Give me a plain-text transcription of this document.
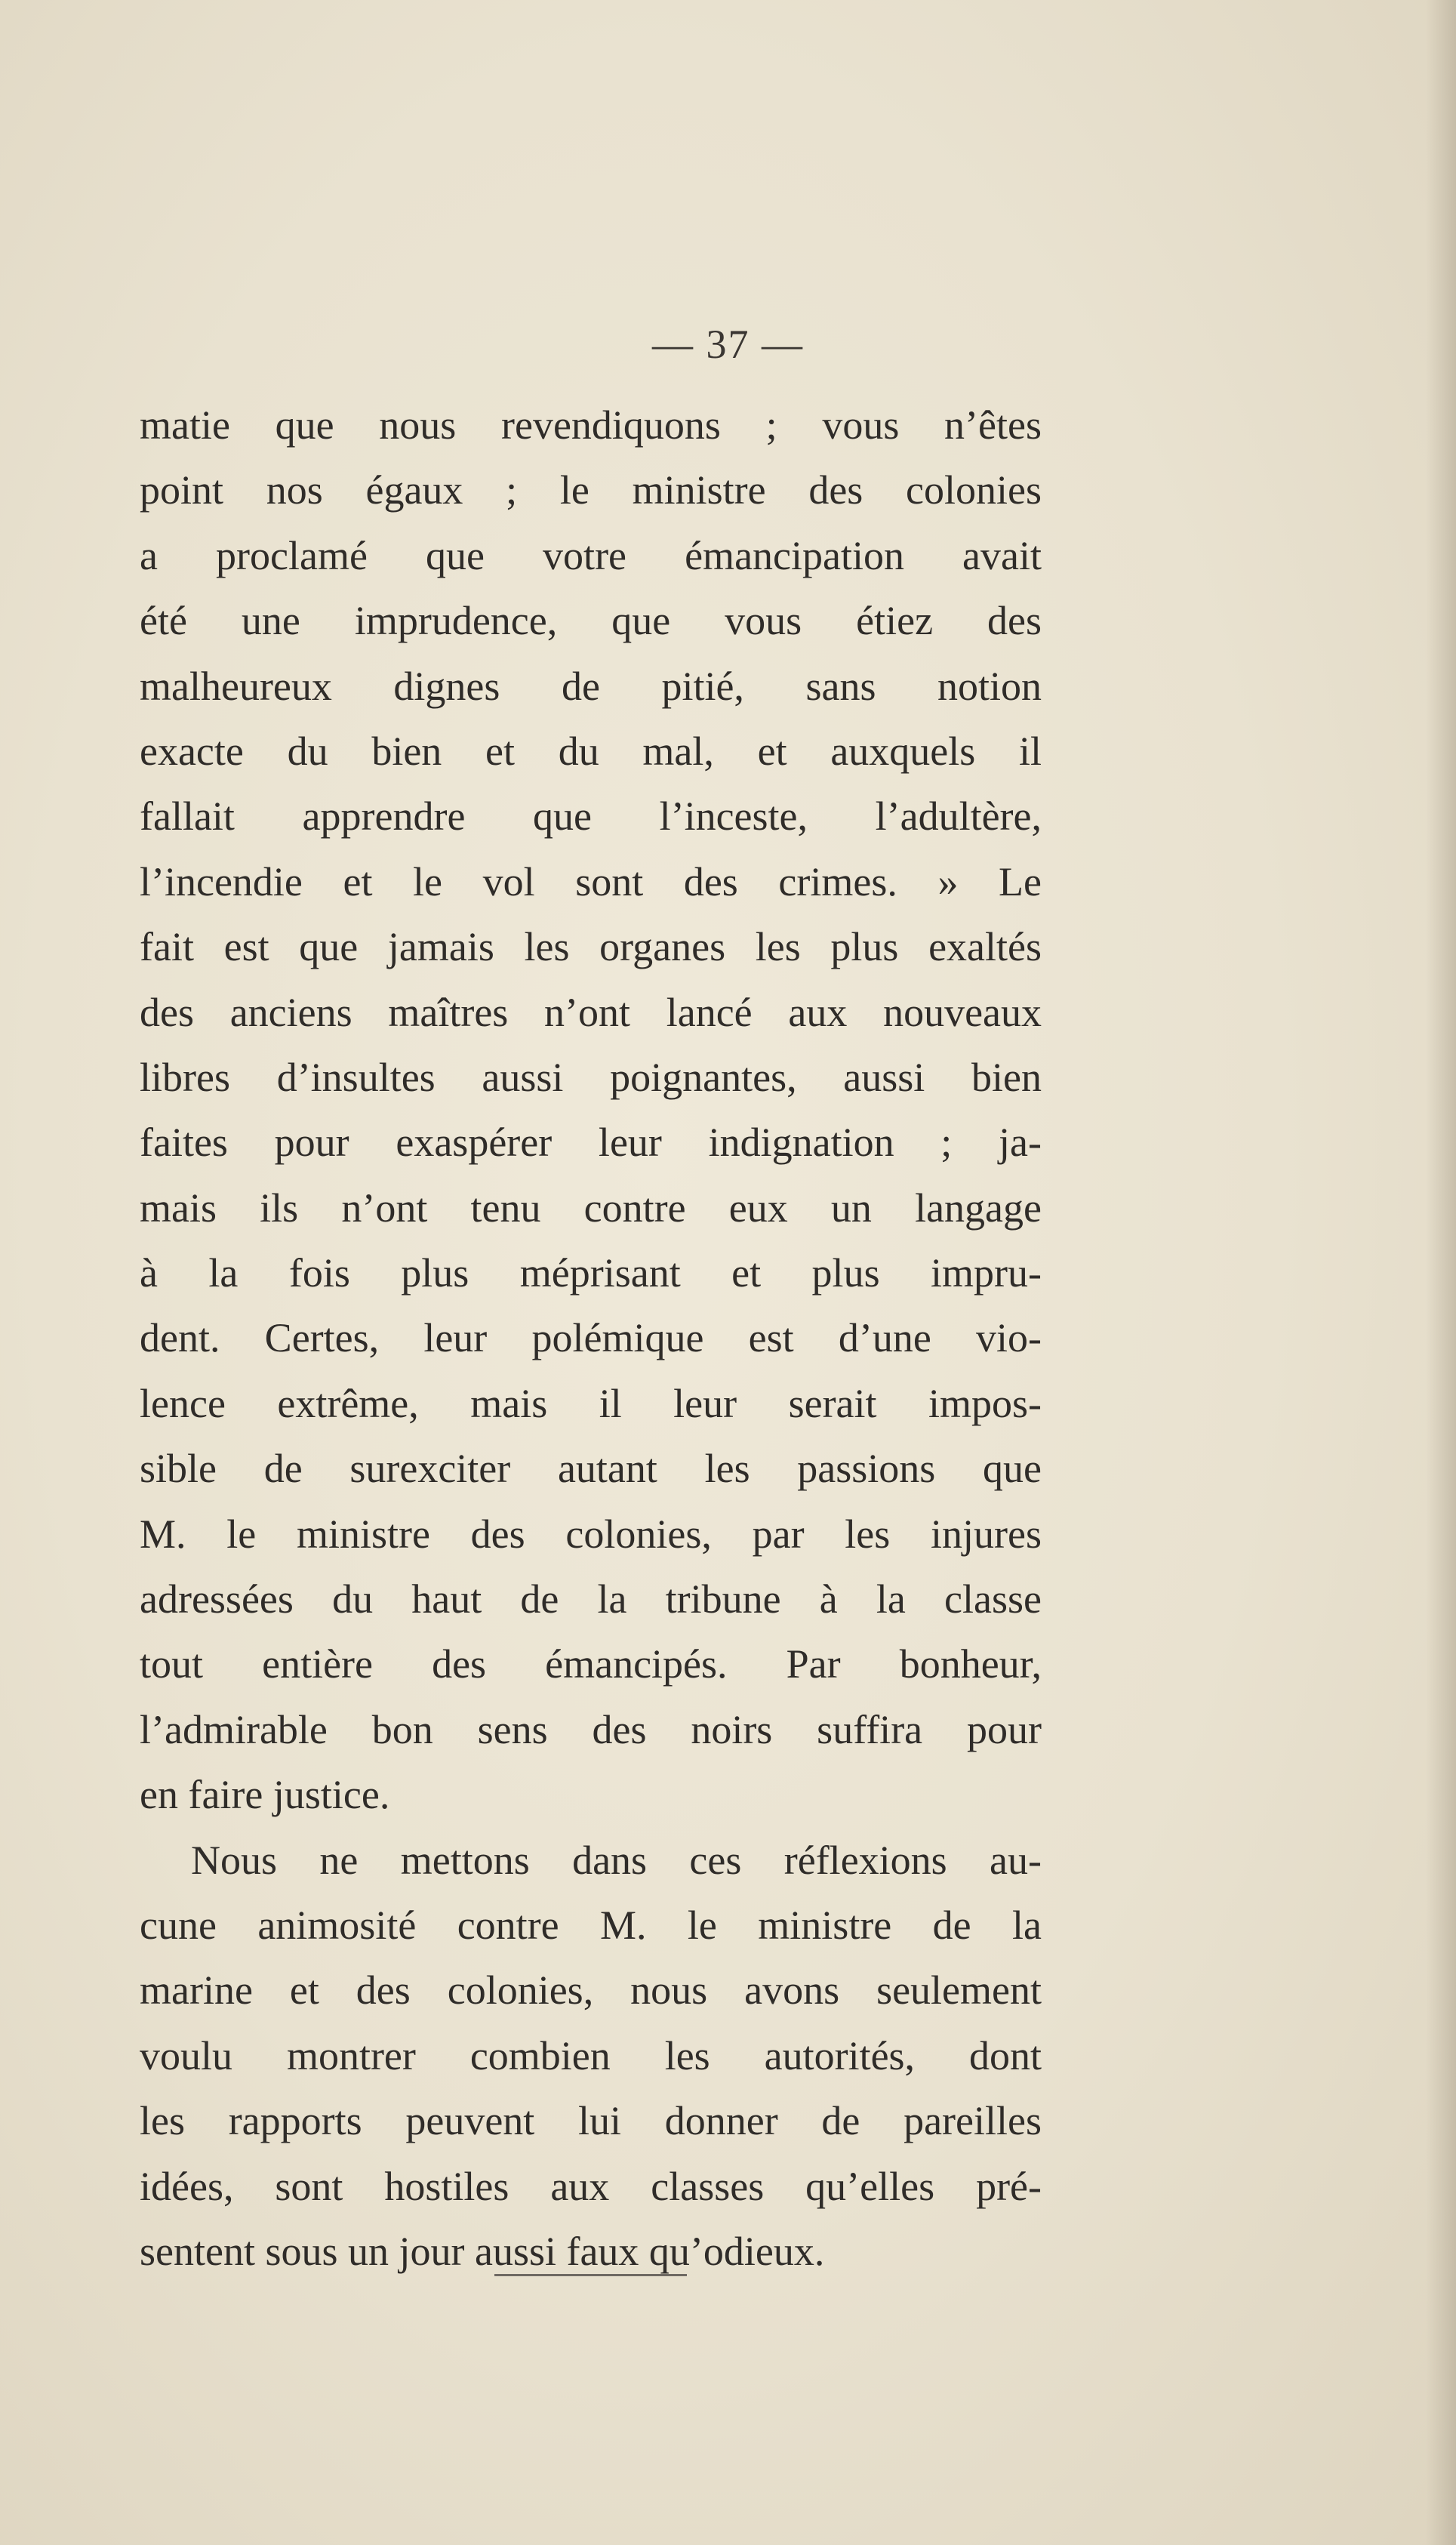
— 37 —
matie que nous revendiquons ; vous n’êtes
point nos égaux ; le ministre des colonies
a proclamé que votre émancipation avait
été une imprudence, que vous étiez des
malheureux dignes de pitié, sans notion
exacte du bien et du mal, et auxquels il
fallait apprendre que l’inceste, l’adultère,
l’incendie et le vol sont des crimes. » Le
fait est que jamais les organes les plus exaltés
des anciens maîtres n’ont lancé aux nouveaux
libres d’insultes aussi poignantes, aussi bien
faites pour exaspérer leur indignation ; ja-
mais ils n’ont tenu contre eux un langage
à la fois plus méprisant et plus impru-
dent. Certes, leur polémique est d’une vio-
lence extrême, mais il leur serait impos-
sible de surexciter autant les passions que
M. le ministre des colonies, par les injures
adressées du haut de la tribune à la classe
tout entière des émancipés. Par bonheur,
l’admirable bon sens des noirs suffira pour
en faire justice.
Nous ne mettons dans ces réflexions au-
cune animosité contre M. le ministre de la
marine et des colonies, nous avons seulement
voulu montrer combien les autorités, dont
les rapports peuvent lui donner de pareilles
idées, sont hostiles aux classes qu’elles pré-
sentent sous un jour aussi faux qu’odieux.
